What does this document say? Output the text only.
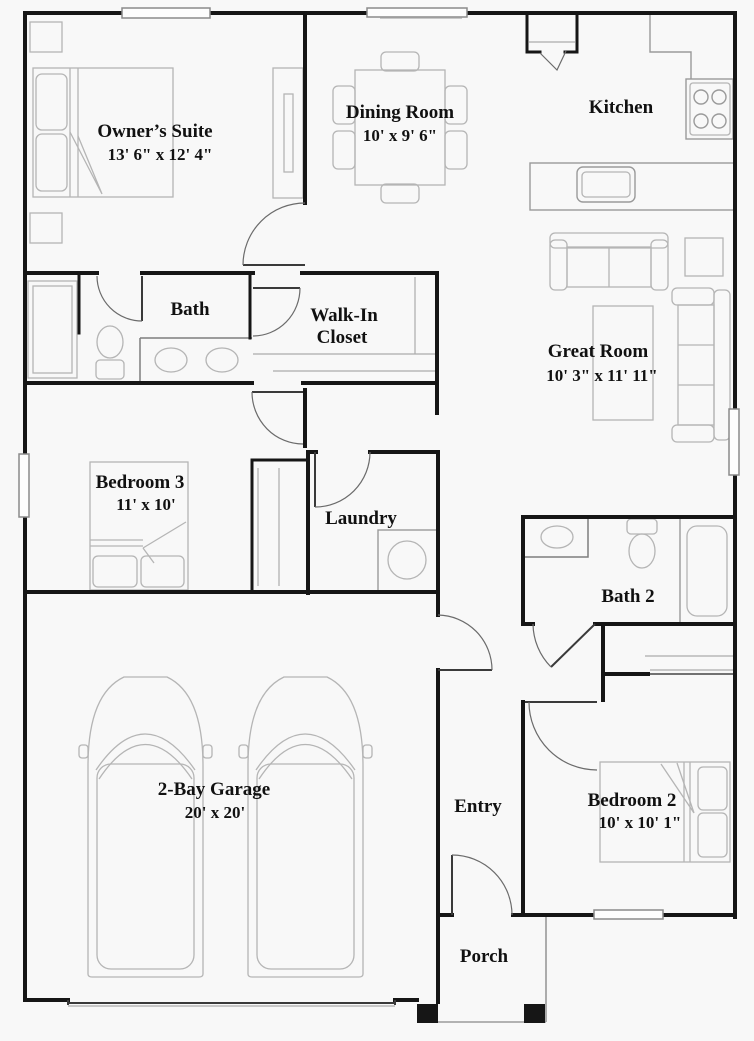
Owner’s Suite
13' 6" x 12' 4"
Dining Room
10' x 9' 6"
Kitchen
Bath	Walk-In
Closet
Great Room
10' 3" x 11' 11"
Bedroom 3
11' x 10'
Laundry
Bath 2
2-Bay Garage
20' x 20'	Entry	Bedroom 2
10' x 10' 1"
Porch
